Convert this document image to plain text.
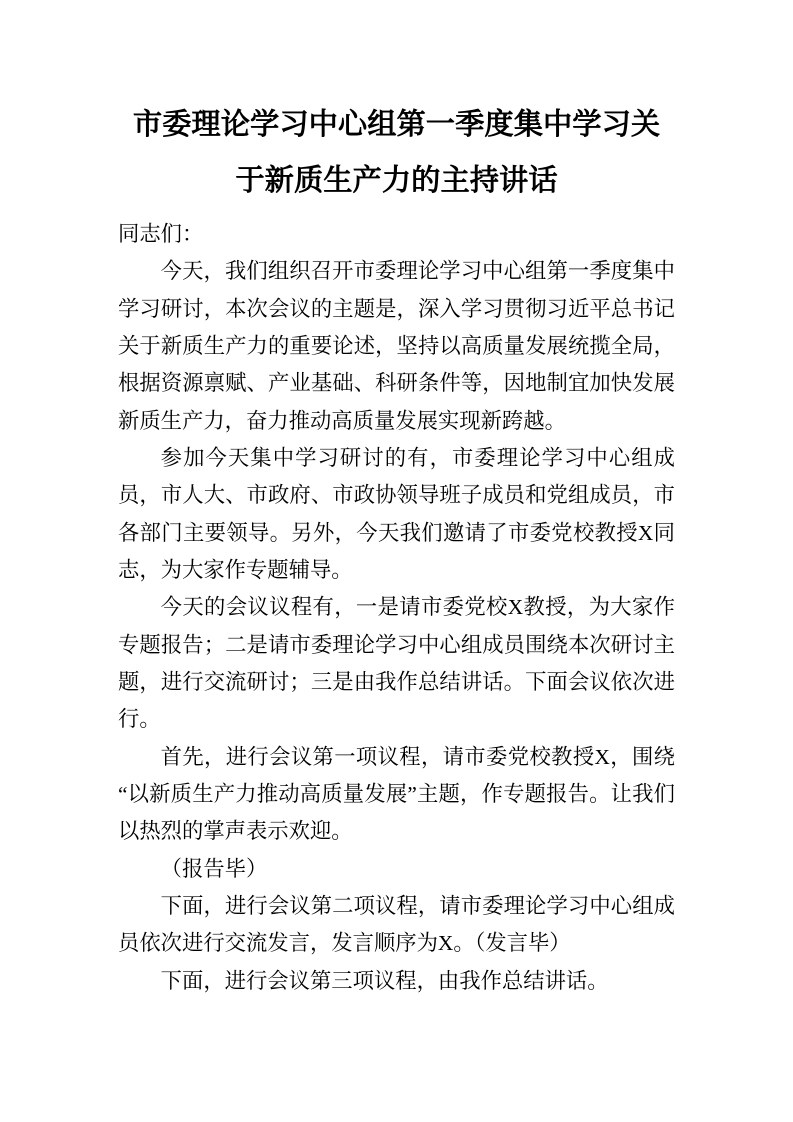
市委理论学习中心组第一季度集中学习关于新质生产力的主持讲话

同志们：

今天，我们组织召开市委理论学习中心组第一季度集中学习研讨，本次会议的主题是，深入学习贯彻习近平总书记关于新质生产力的重要论述，坚持以高质量发展统揽全局，根据资源禀赋、产业基础、科研条件等，因地制宜加快发展新质生产力，奋力推动高质量发展实现新跨越。

参加今天集中学习研讨的有，市委理论学习中心组成员，市人大、市政府、市政协领导班子成员和党组成员，市各部门主要领导。另外，今天我们邀请了市委党校教授X同志，为大家作专题辅导。

今天的会议议程有，一是请市委党校X教授，为大家作专题报告；二是请市委理论学习中心组成员围绕本次研讨主题，进行交流研讨；三是由我作总结讲话。下面会议依次进行。

首先，进行会议第一项议程，请市委党校教授X，围绕“以新质生产力推动高质量发展”主题，作专题报告。让我们以热烈的掌声表示欢迎。

（报告毕）

下面，进行会议第二项议程，请市委理论学习中心组成员依次进行交流发言，发言顺序为X。（发言毕）

下面，进行会议第三项议程，由我作总结讲话。
